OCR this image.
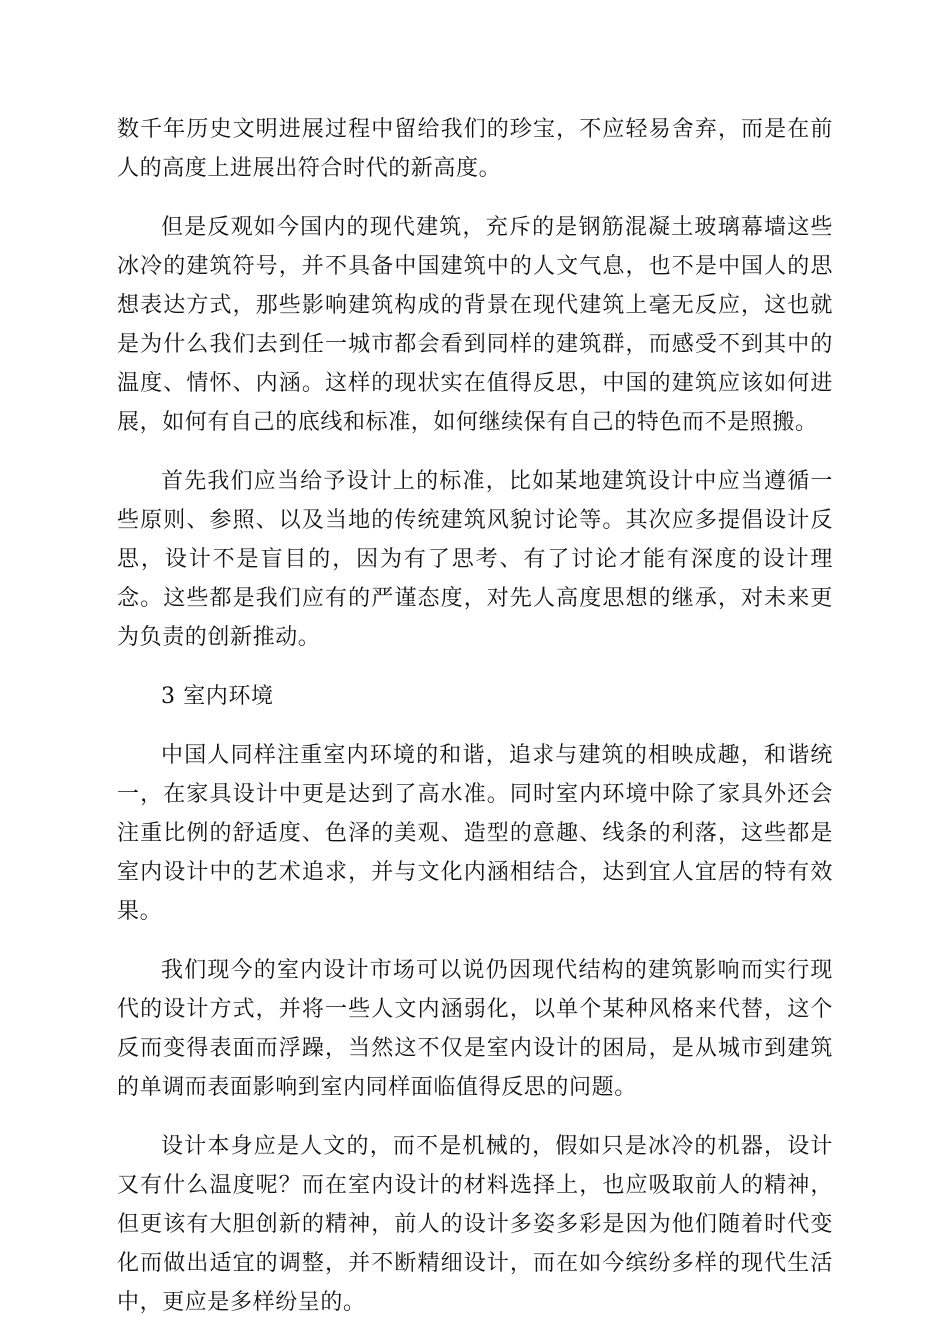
数千年历史文明进展过程中留给我们的珍宝，不应轻易舍弃，而是在前人的高度上进展出符合时代的新高度。

但是反观如今国内的现代建筑，充斥的是钢筋混凝土玻璃幕墙这些冰冷的建筑符号，并不具备中国建筑中的人文气息，也不是中国人的思想表达方式，那些影响建筑构成的背景在现代建筑上毫无反应，这也就是为什么我们去到任一城市都会看到同样的建筑群，而感受不到其中的温度、情怀、内涵。这样的现状实在值得反思，中国的建筑应该如何进展，如何有自己的底线和标准，如何继续保有自己的特色而不是照搬。

首先我们应当给予设计上的标准，比如某地建筑设计中应当遵循一些原则、参照、以及当地的传统建筑风貌讨论等。其次应多提倡设计反思，设计不是盲目的，因为有了思考、有了讨论才能有深度的设计理念。这些都是我们应有的严谨态度，对先人高度思想的继承，对未来更为负责的创新推动。

3 室内环境

中国人同样注重室内环境的和谐，追求与建筑的相映成趣，和谐统一，在家具设计中更是达到了高水准。同时室内环境中除了家具外还会注重比例的舒适度、色泽的美观、造型的意趣、线条的利落，这些都是室内设计中的艺术追求，并与文化内涵相结合，达到宜人宜居的特有效果。

我们现今的室内设计市场可以说仍因现代结构的建筑影响而实行现代的设计方式，并将一些人文内涵弱化，以单个某种风格来代替，这个反而变得表面而浮躁，当然这不仅是室内设计的困局，是从城市到建筑的单调而表面影响到室内同样面临值得反思的问题。

设计本身应是人文的，而不是机械的，假如只是冰冷的机器，设计又有什么温度呢？而在室内设计的材料选择上，也应吸取前人的精神，但更该有大胆创新的精神，前人的设计多姿多彩是因为他们随着时代变化而做出适宜的调整，并不断精细设计，而在如今缤纷多样的现代生活中，更应是多样纷呈的。
